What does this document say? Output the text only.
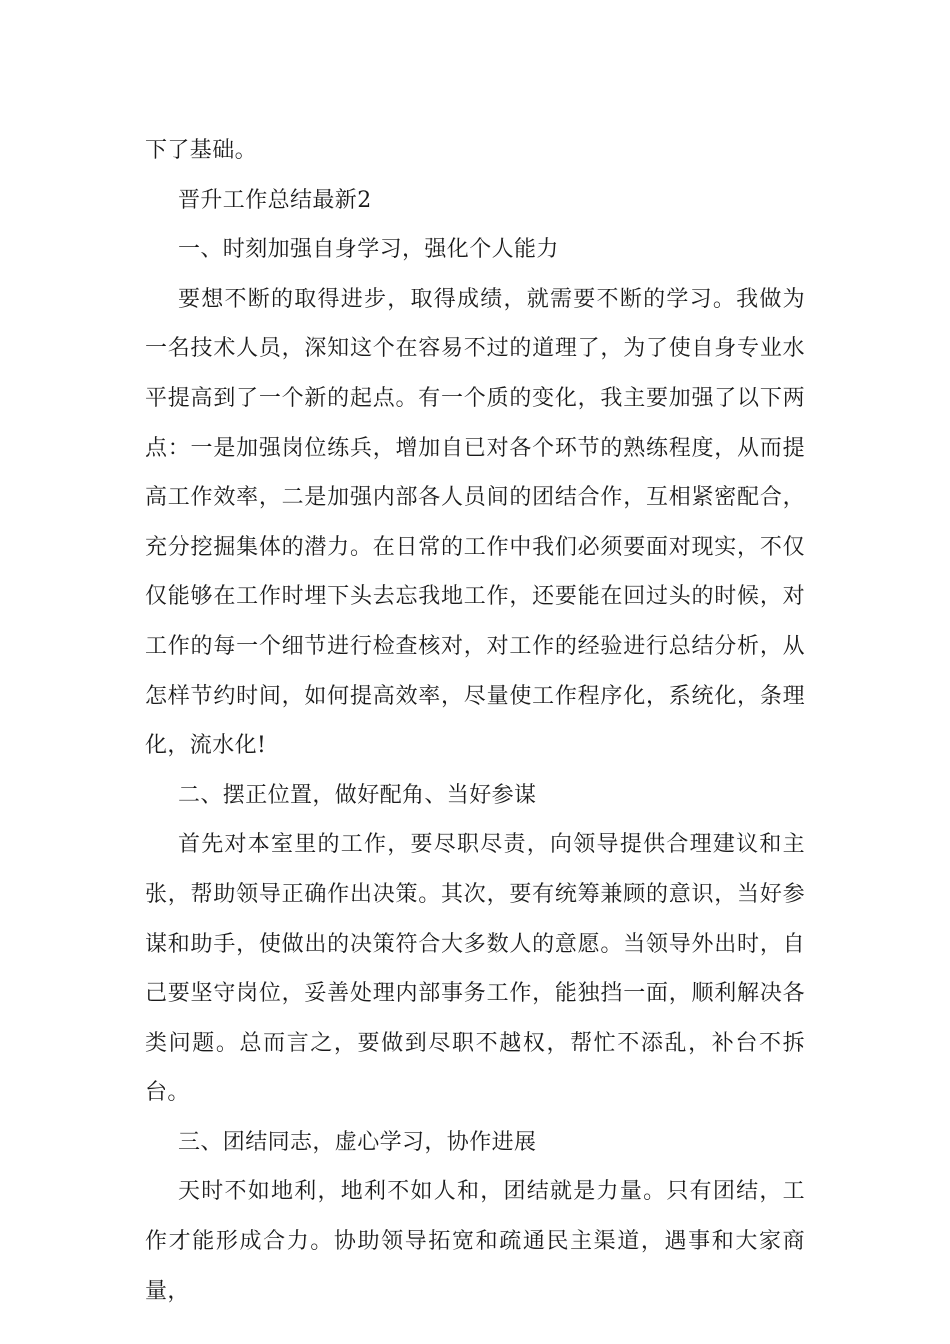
下了基础。

晋升工作总结最新2

一、时刻加强自身学习，强化个人能力

要想不断的取得进步，取得成绩，就需要不断的学习。我做为一名技术人员，深知这个在容易不过的道理了，为了使自身专业水平提高到了一个新的起点。有一个质的变化，我主要加强了以下两点：一是加强岗位练兵，增加自已对各个环节的熟练程度，从而提高工作效率，二是加强内部各人员间的团结合作，互相紧密配合，充分挖掘集体的潜力。在日常的工作中我们必须要面对现实，不仅仅能够在工作时埋下头去忘我地工作，还要能在回过头的时候，对工作的每一个细节进行检查核对，对工作的经验进行总结分析，从怎样节约时间，如何提高效率，尽量使工作程序化，系统化，条理化，流水化!

二、摆正位置，做好配角、当好参谋

首先对本室里的工作，要尽职尽责，向领导提供合理建议和主张，帮助领导正确作出决策。其次，要有统筹兼顾的意识，当好参谋和助手，使做出的决策符合大多数人的意愿。当领导外出时，自己要坚守岗位，妥善处理内部事务工作，能独挡一面，顺利解决各类问题。总而言之，要做到尽职不越权，帮忙不添乱，补台不拆台。

三、团结同志，虚心学习，协作进展

天时不如地利，地利不如人和，团结就是力量。只有团结，工作才能形成合力。协助领导拓宽和疏通民主渠道，遇事和大家商量，
